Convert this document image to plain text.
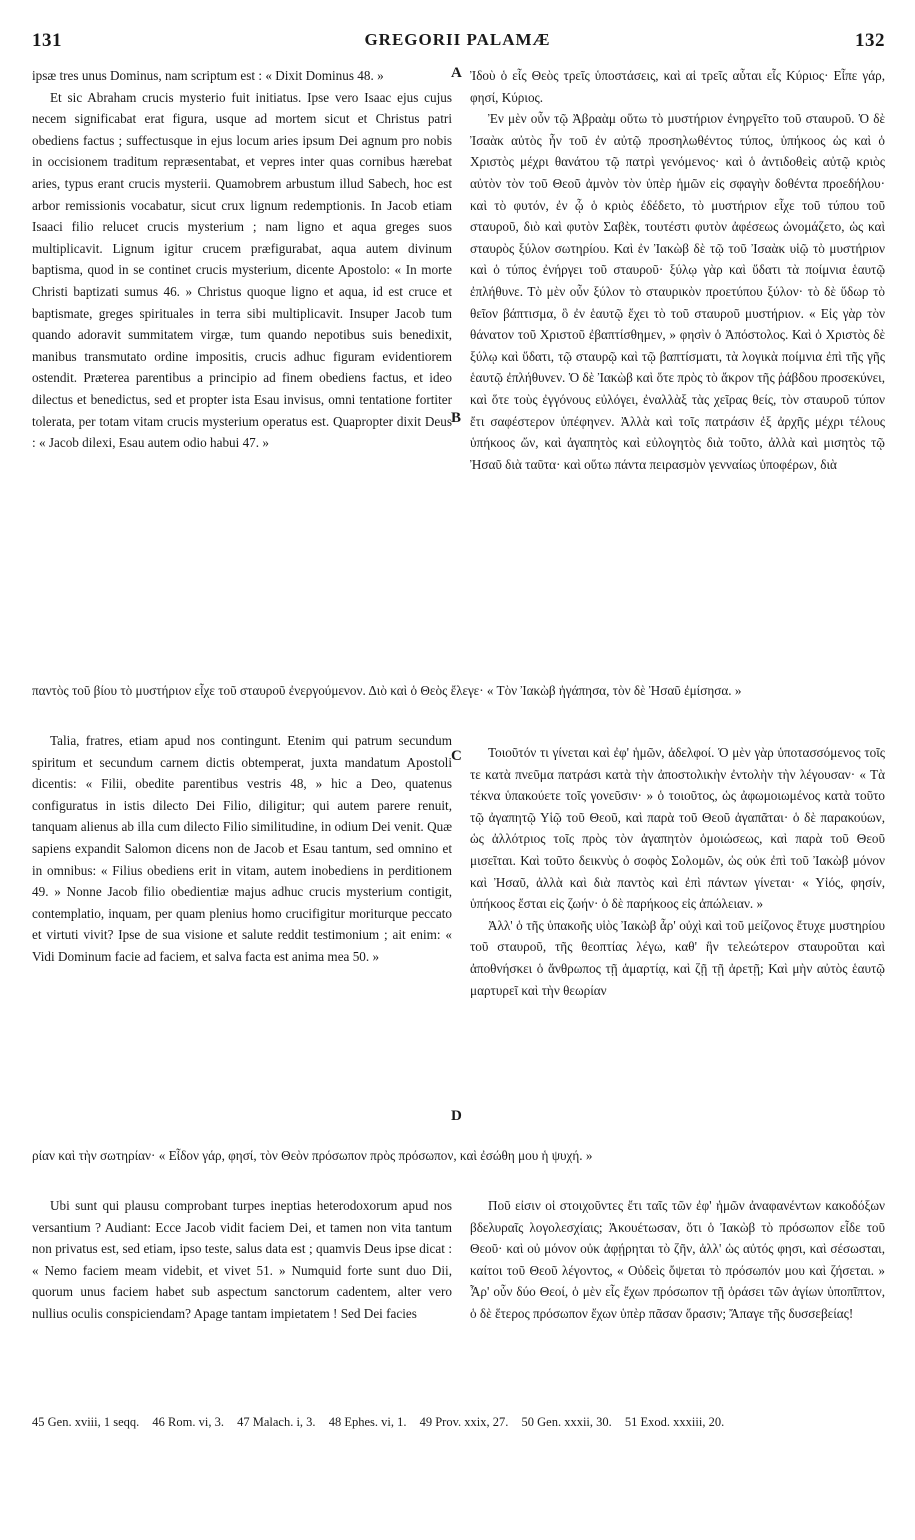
131	GREGORII PALAMÆ	132

ipsæ tres unus Dominus, nam scriptum est : « Dixit Dominus 48. »

Et sic Abraham crucis mysterio fuit initiatus. Ipse vero Isaac ejus cujus necem significabat erat figura, usque ad mortem sicut et Christus patri obediens factus ; suffectusque in ejus locum aries ipsum Dei agnum pro nobis in occisionem traditum repræsentabat, et vepres inter quas cornibus hærebat aries, typus erant crucis mysterii. Quamobrem arbustum illud Sabech, hoc est arbor remissionis vocabatur, sicut crux lignum redemptionis. In Jacob etiam Isaaci filio relucet crucis mysterium ; nam ligno et aqua greges suos multiplicavit. Lignum igitur crucem præfigurabat, aqua autem divinum baptisma, quod in se continet crucis mysterium, dicente Apostolo: « In morte Christi baptizati sumus 46. » Christus quoque ligno et aqua, id est cruce et baptismate, greges spirituales in terra sibi multiplicavit. Insuper Jacob tum quando adoravit summitatem virgæ, tum quando nepotibus suis benedixit, manibus transmutato ordine impositis, crucis adhuc figuram evidentiorem ostendit. Præterea parentibus a principio ad finem obediens factus, et ideo dilectus et benedictus, sed et propter ista Esau invisus, omni tentatione fortiter tolerata, per totam vitam crucis mysterium operatus est. Quapropter dixit Deus : « Jacob dilexi, Esau autem odio habui 47. »

A
B

Ἰδοὺ ὁ εἷς Θεὸς τρεῖς ὑποστάσεις, καὶ αἱ τρεῖς αὗται εἷς Κύριος· Εἶπε γάρ, φησί, Κύριος.

Ἐν μὲν οὖν τῷ Ἀβραὰμ οὕτω τὸ μυστήριον ἐνηργεῖτο τοῦ σταυροῦ. Ὁ δὲ Ἰσαὰκ αὐτὸς ἦν τοῦ ἐν αὐτῷ προσηλωθέντος τύπος, ὑπήκοος ὡς καὶ ὁ Χριστὸς μέχρι θανάτου τῷ πατρὶ γενόμενος· καὶ ὁ ἀντιδοθεὶς αὐτῷ κριὸς αὐτὸν τὸν τοῦ Θεοῦ ἀμνὸν τὸν ὑπὲρ ἡμῶν εἰς σφαγὴν δοθέντα προεδήλου· καὶ τὸ φυτόν, ἐν ᾧ ὁ κριὸς ἐδέδετο, τὸ μυστήριον εἶχε τοῦ τύπου τοῦ σταυροῦ, διὸ καὶ φυτὸν Σαβὲκ, τουτέστι φυτὸν ἀφέσεως ὠνομάζετο, ὡς καὶ σταυρὸς ξύλον σωτηρίου. Καὶ ἐν Ἰακὼβ δὲ τῷ τοῦ Ἰσαὰκ υἱῷ τὸ μυστήριον καὶ ὁ τύπος ἐνήργει τοῦ σταυροῦ· ξύλῳ γὰρ καὶ ὕδατι τὰ ποίμνια ἑαυτῷ ἐπλήθυνε. Τὸ μὲν οὖν ξύλον τὸ σταυρικὸν προετύπου ξύλον· τὸ δὲ ὕδωρ τὸ θεῖον βάπτισμα, ὃ ἐν ἑαυτῷ ἔχει τὸ τοῦ σταυροῦ μυστήριον. « Εἰς γὰρ τὸν θάνατον τοῦ Χριστοῦ ἐβαπτίσθημεν, » φησὶν ὁ Ἀπόστολος. Καὶ ὁ Χριστὸς δὲ ξύλῳ καὶ ὕδατι, τῷ σταυρῷ καὶ τῷ βαπτίσματι, τὰ λογικὰ ποίμνια ἐπὶ τῆς γῆς ἑαυτῷ ἐπλήθυνεν. Ὁ δὲ Ἰακὼβ καὶ ὅτε πρὸς τὸ ἄκρον τῆς ῥάβδου προσεκύνει, καὶ ὅτε τοὺς ἐγγόνους εὐλόγει, ἐναλλὰξ τὰς χεῖρας θείς, τὸν σταυροῦ τύπον ἔτι σαφέστερον ὑπέφηνεν. Ἀλλὰ καὶ τοῖς πατράσιν ἐξ ἀρχῆς μέχρι τέλους ὑπήκοος ὤν, καὶ ἀγαπητὸς καὶ εὐλογητὸς διὰ τοῦτο, ἀλλὰ καὶ μισητὸς τῷ Ἠσαῦ διὰ ταῦτα· καὶ οὕτω πάντα πειρασμὸν γενναίως ὑποφέρων, διὰ

παντὸς τοῦ βίου τὸ μυστήριον εἶχε τοῦ σταυροῦ ἐνεργούμενον. Διὸ καὶ ὁ Θεὸς ἔλεγε· « Τὸν Ἰακὼβ ἠγάπησα, τὸν δὲ Ἠσαῦ ἐμίσησα. »

Talia, fratres, etiam apud nos contingunt. Etenim qui patrum secundum spiritum et secundum carnem dictis obtemperat, juxta mandatum Apostoli dicentis: « Filii, obedite parentibus vestris 48, » hic a Deo, quatenus configuratus in istis dilecto Dei Filio, diligitur; qui autem parere renuit, tanquam alienus ab illa cum dilecto Filio similitudine, in odium Dei venit. Quæ sapiens expandit Salomon dicens non de Jacob et Esau tantum, sed omnino et in omnibus: « Filius obediens erit in vitam, autem inobediens in perditionem 49. » Nonne Jacob filio obedientiæ majus adhuc crucis mysterium contigit, contemplatio, inquam, per quam plenius homo crucifigitur moriturque peccato et virtuti vivit? Ipse de sua visione et salute reddit testimonium ; ait enim: « Vidi Dominum facie ad faciem, et salva facta est anima mea 50. »

C
D

Τοιοῦτόν τι γίνεται καὶ ἐφ' ἡμῶν, ἀδελφοί. Ὁ μὲν γὰρ ὑποτασσόμενος τοῖς τε κατὰ πνεῦμα πατράσι κατὰ τὴν ἀποστολικὴν ἐντολὴν τὴν λέγουσαν· « Τὰ τέκνα ὑπακούετε τοῖς γονεῦσιν· » ὁ τοιοῦτος, ὡς ἀφωμοιωμένος κατὰ τοῦτο τῷ ἀγαπητῷ Υἱῷ τοῦ Θεοῦ, καὶ παρὰ τοῦ Θεοῦ ἀγαπᾶται· ὁ δὲ παρακούων, ὡς ἀλλότριος τοῖς πρὸς τὸν ἀγαπητὸν ὁμοιώσεως, καὶ παρὰ τοῦ Θεοῦ μισεῖται. Καὶ τοῦτο δεικνὺς ὁ σοφὸς Σολομῶν, ὡς οὐκ ἐπὶ τοῦ Ἰακὼβ μόνον καὶ Ἠσαῦ, ἀλλὰ καὶ διὰ παντὸς καὶ ἐπὶ πάντων γίνεται· « Υἱός, φησίν, ὑπήκοος ἔσται εἰς ζωήν· ὁ δὲ παρήκοος εἰς ἀπώλειαν. »

Ἀλλ' ὁ τῆς ὑπακοῆς υἱὸς Ἰακὼβ ἆρ' οὐχὶ καὶ τοῦ μείζονος ἔτυχε μυστηρίου τοῦ σταυροῦ, τῆς θεοπτίας λέγω, καθ' ἣν τελεώτερον σταυροῦται καὶ ἀποθνήσκει ὁ ἄνθρωπος τῇ ἁμαρτίᾳ, καὶ ζῇ τῇ ἀρετῇ; Καὶ μὴν αὐτὸς ἑαυτῷ μαρτυρεῖ καὶ τὴν θεωρίαν

ρίαν καὶ τὴν σωτηρίαν· « Εἶδον γάρ, φησί, τὸν Θεὸν πρόσωπον πρὸς πρόσωπον, καὶ ἐσώθη μου ἡ ψυχή. »

Ubi sunt qui plausu comprobant turpes ineptias heterodoxorum apud nos versantium ? Audiant: Ecce Jacob vidit faciem Dei, et tamen non vita tantum non privatus est, sed etiam, ipso teste, salus data est ; quamvis Deus ipse dicat : « Nemo faciem meam videbit, et vivet 51. » Numquid forte sunt duo Dii, quorum unus faciem habet sub aspectum sanctorum cadentem, alter vero nullius oculis conspiciendam? Apage tantam impietatem ! Sed Dei facies

Ποῦ εἰσιν οἱ στοιχοῦντες ἔτι ταῖς τῶν ἐφ' ἡμῶν ἀναφανέντων κακοδόξων βδελυραῖς λογολεσχίαις; Ἀκουέτωσαν, ὅτι ὁ Ἰακὼβ τὸ πρόσωπον εἶδε τοῦ Θεοῦ· καὶ οὐ μόνον οὐκ ἀφῄρηται τὸ ζῆν, ἀλλ' ὡς αὐτός φησι, καὶ σέσωσται, καίτοι τοῦ Θεοῦ λέγοντος, « Οὐδεὶς ὄψεται τὸ πρόσωπόν μου καὶ ζήσεται. » Ἆρ' οὖν δύο Θεοί, ὁ μὲν εἷς ἔχων πρόσωπον τῇ ὁράσει τῶν ἁγίων ὑποπῖπτον, ὁ δὲ ἕτερος πρόσωπον ἔχων ὑπὲρ πᾶσαν ὅρασιν; Ἄπαγε τῆς δυσσεβείας!

45 Gen. xviii, 1 seqq. 46 Rom. vi, 3. 47 Malach. i, 3. 48 Ephes. vi, 1. 49 Prov. xxix, 27. 50 Gen. xxxii, 30. 51 Exod. xxxiii, 20.
